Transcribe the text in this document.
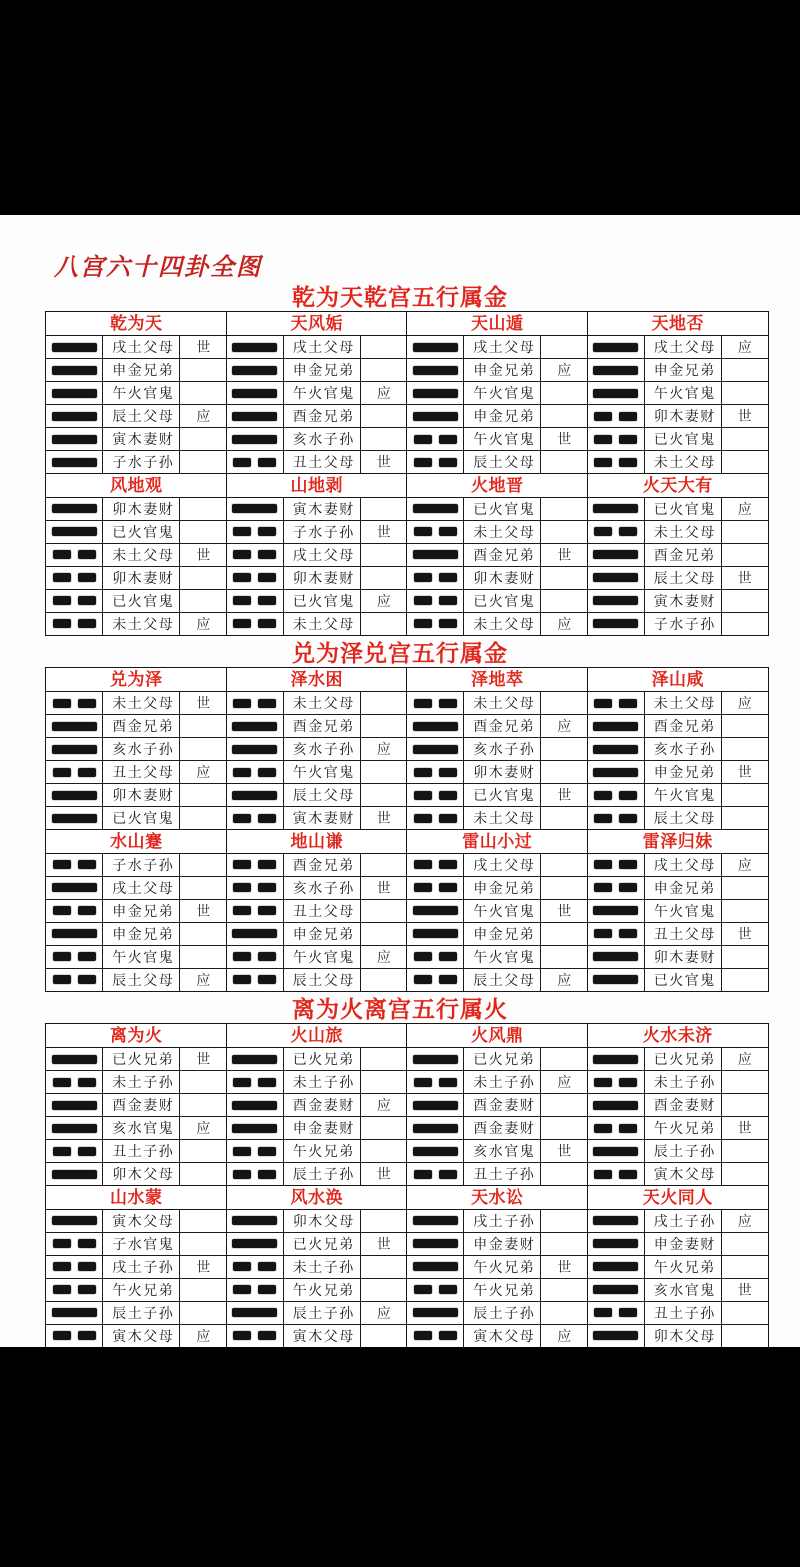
八宫六十四卦全图
乾为天乾宫五行属金
乾为天
戌土父母	世
申金兄弟
午火官鬼
辰土父母	应
寅木妻财
子水子孙
天风姤
戌土父母
申金兄弟
午火官鬼	应
酉金兄弟
亥水子孙
丑土父母	世
天山遁
戌土父母
申金兄弟	应
午火官鬼
申金兄弟
午火官鬼	世
辰土父母
天地否
戌土父母	应
申金兄弟
午火官鬼
卯木妻财	世
已火官鬼
未土父母
风地观
卯木妻财
已火官鬼
未土父母	世
卯木妻财
已火官鬼
未土父母	应
山地剥
寅木妻财
子水子孙	世
戌土父母
卯木妻财
已火官鬼	应
未土父母
火地晋
已火官鬼
未土父母
酉金兄弟	世
卯木妻财
已火官鬼
未土父母	应
火天大有
已火官鬼	应
未土父母
酉金兄弟
辰土父母	世
寅木妻财
子水子孙
兑为泽兑宫五行属金
兑为泽
未土父母	世
酉金兄弟
亥水子孙
丑土父母	应
卯木妻财
已火官鬼
泽水困
未土父母
酉金兄弟
亥水子孙	应
午火官鬼
辰土父母
寅木妻财	世
泽地萃
未土父母
酉金兄弟	应
亥水子孙
卯木妻财
已火官鬼	世
未土父母
泽山咸
未土父母	应
酉金兄弟
亥水子孙
申金兄弟	世
午火官鬼
辰土父母
水山蹇
子水子孙
戌土父母
申金兄弟	世
申金兄弟
午火官鬼
辰土父母	应
地山谦
酉金兄弟
亥水子孙	世
丑土父母
申金兄弟
午火官鬼	应
辰土父母
雷山小过
戌土父母
申金兄弟
午火官鬼	世
申金兄弟
午火官鬼
辰土父母	应
雷泽归妹
戌土父母	应
申金兄弟
午火官鬼
丑土父母	世
卯木妻财
已火官鬼
离为火离宫五行属火
离为火
已火兄弟	世
未土子孙
酉金妻财
亥水官鬼	应
丑土子孙
卯木父母
火山旅
已火兄弟
未土子孙
酉金妻财	应
申金妻财
午火兄弟
辰土子孙	世
火风鼎
已火兄弟
未土子孙	应
酉金妻财
酉金妻财
亥水官鬼	世
丑土子孙
火水未济
已火兄弟	应
未土子孙
酉金妻财
午火兄弟	世
辰土子孙
寅木父母
山水蒙
寅木父母
子水官鬼
戌土子孙	世
午火兄弟
辰土子孙
寅木父母	应
风水涣
卯木父母
已火兄弟	世
未土子孙
午火兄弟
辰土子孙	应
寅木父母
天水讼
戌土子孙
申金妻财
午火兄弟	世
午火兄弟
辰土子孙
寅木父母	应
天火同人
戌土子孙	应
申金妻财
午火兄弟
亥水官鬼	世
丑土子孙
卯木父母
